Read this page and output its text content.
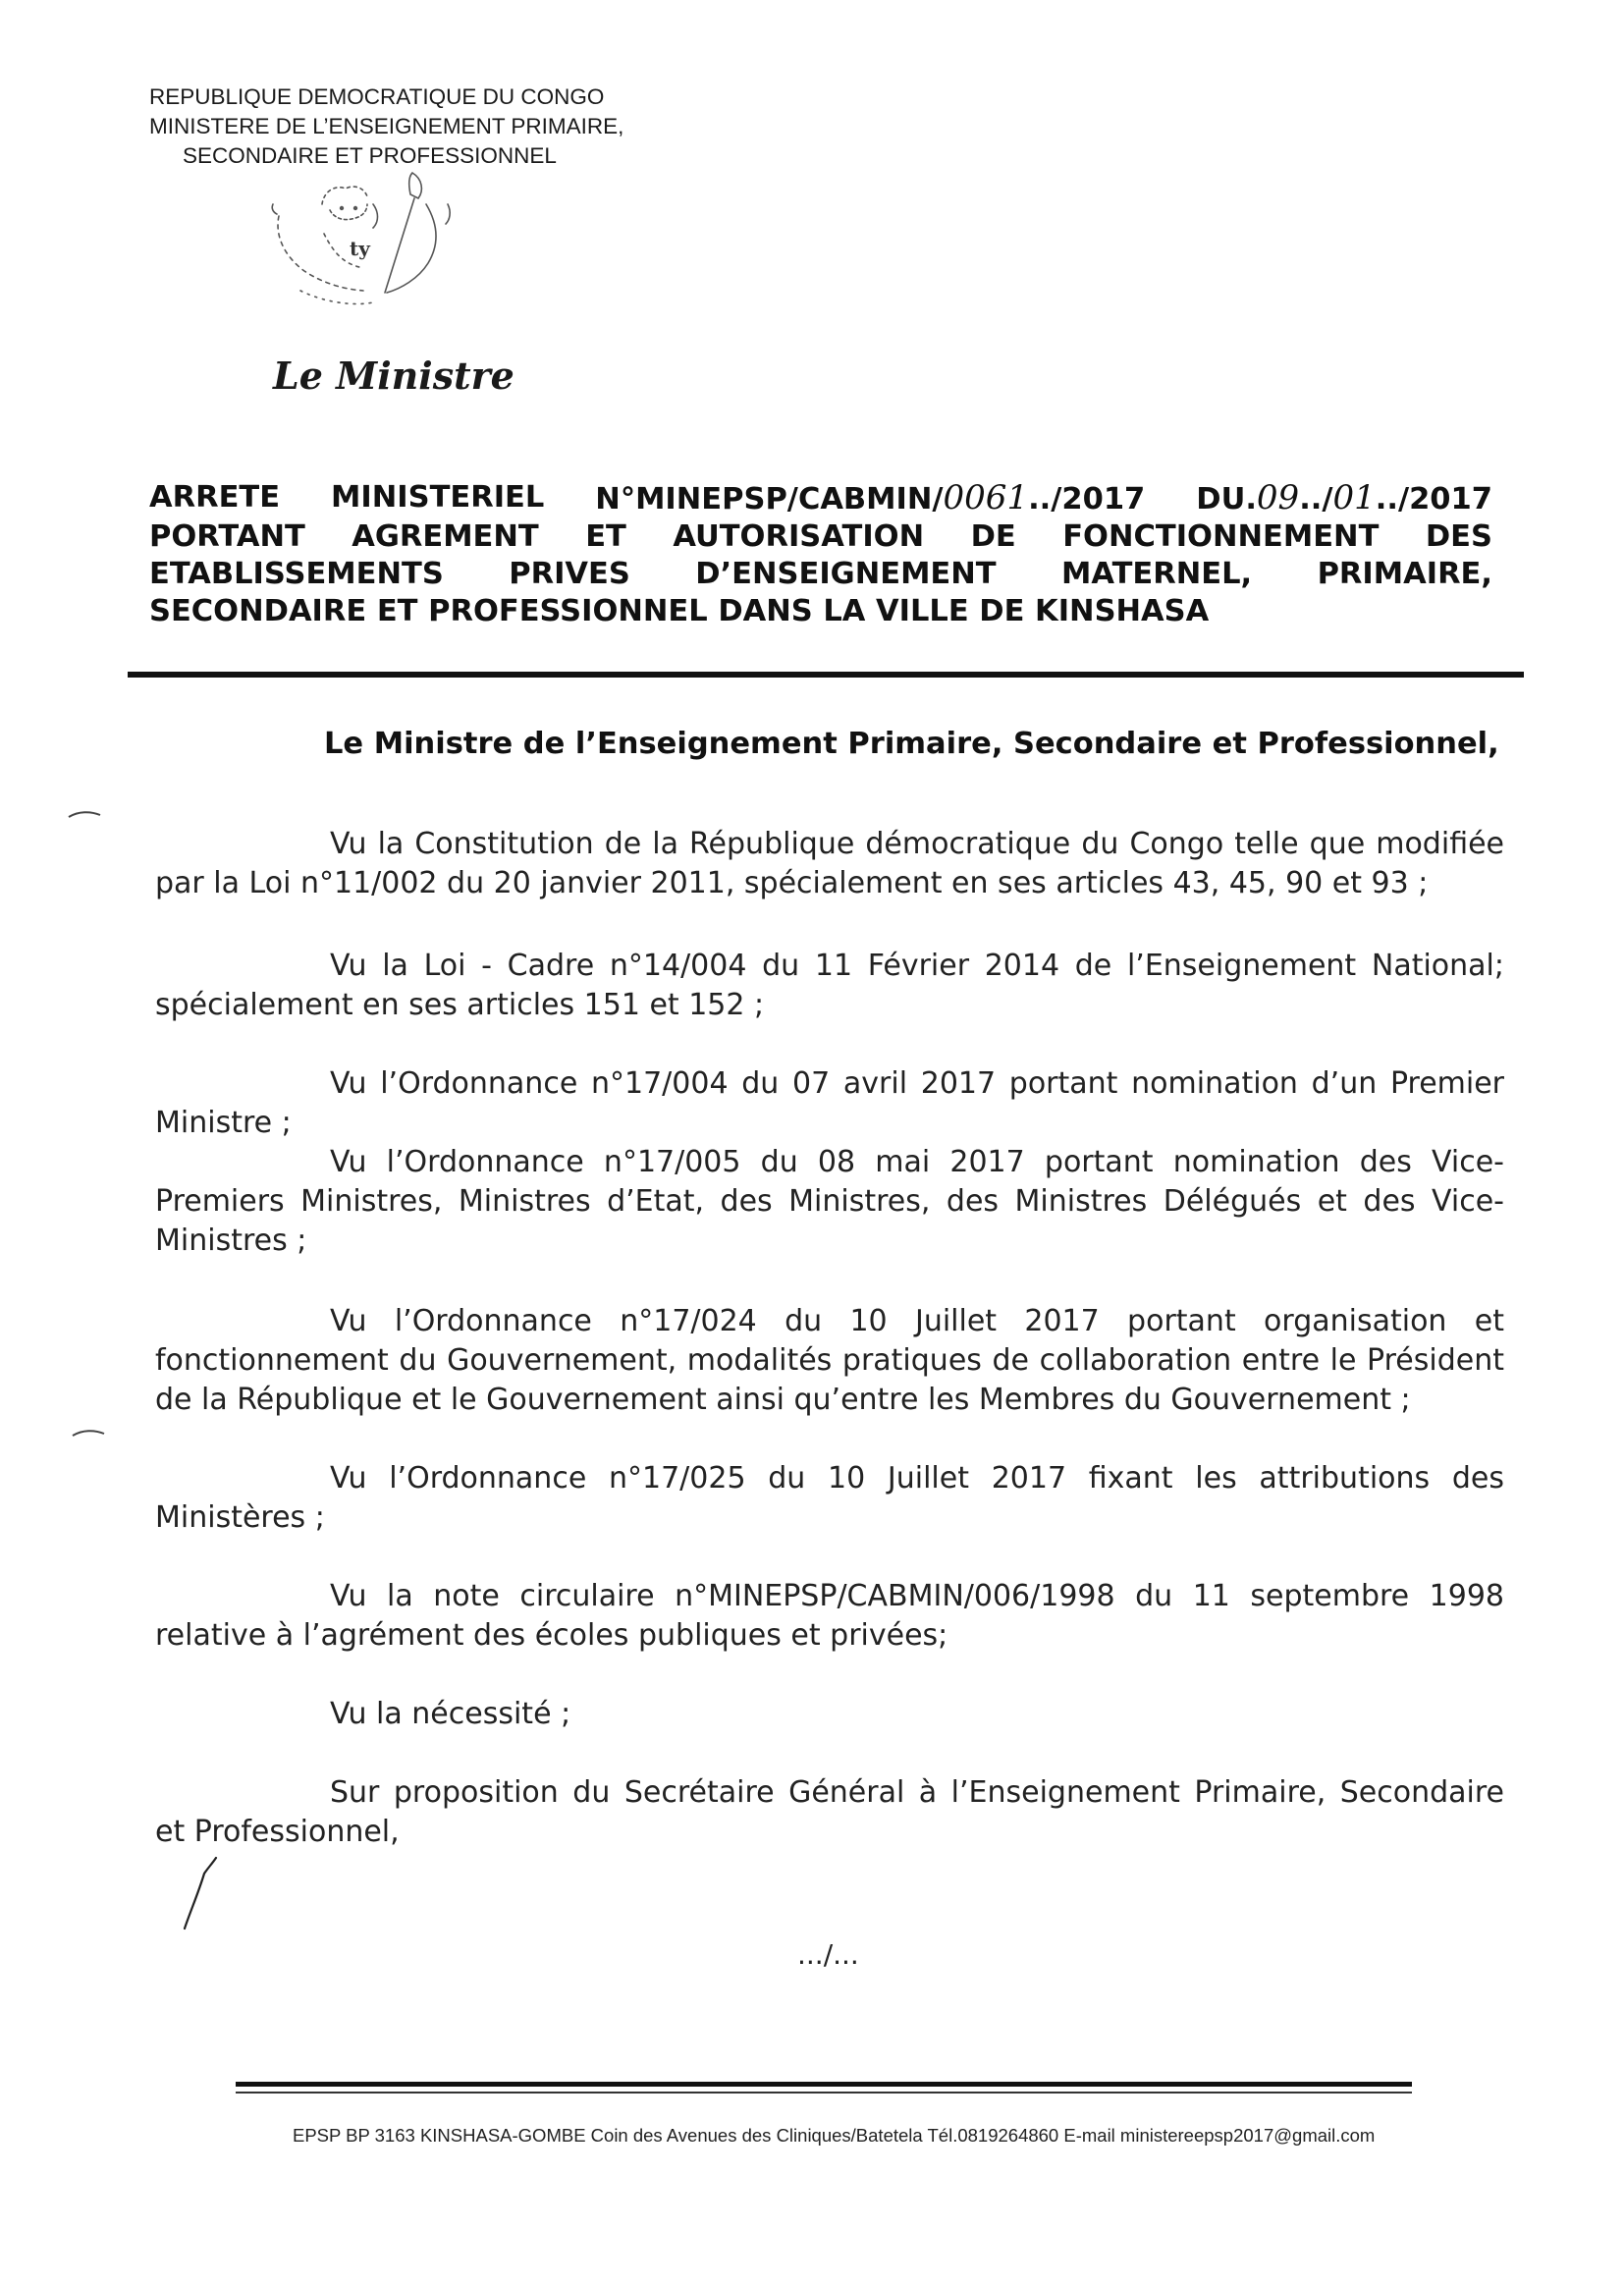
REPUBLIQUE DEMOCRATIQUE DU CONGO
MINISTERE DE L’ENSEIGNEMENT PRIMAIRE,
SECONDAIRE ET PROFESSIONNEL
ty
Le Ministre
ARRETE MINISTERIEL N°MINEPSP/CABMIN/0061../2017 DU.09../01../2017
PORTANT AGREMENT ET AUTORISATION DE FONCTIONNEMENT DES
ETABLISSEMENTS PRIVES D’ENSEIGNEMENT MATERNEL, PRIMAIRE,
SECONDAIRE ET PROFESSIONNEL DANS LA VILLE DE KINSHASA
Le Ministre de l’Enseignement Primaire, Secondaire et Professionnel,
Vu la Constitution de la République démocratique du Congo telle que modifiée par la Loi n°11/002 du 20 janvier 2011, spécialement en ses articles 43, 45, 90 et 93 ;
Vu la Loi - Cadre n°14/004 du 11 Février 2014 de l’Enseignement National; spécialement en ses articles 151 et 152 ;
Vu l’Ordonnance n°17/004 du 07 avril 2017 portant nomination d’un Premier Ministre ;
Vu l’Ordonnance n°17/005 du 08 mai 2017 portant nomination des Vice-Premiers Ministres, Ministres d’Etat, des Ministres, des Ministres Délégués et des Vice-Ministres ;
Vu l’Ordonnance n°17/024 du 10 Juillet 2017 portant organisation et fonctionnement du Gouvernement, modalités pratiques de collaboration entre le Président de la République et le Gouvernement ainsi qu’entre les Membres du Gouvernement ;
Vu l’Ordonnance n°17/025 du 10 Juillet 2017 fixant les attributions des Ministères ;
Vu la note circulaire n°MINEPSP/CABMIN/006/1998 du 11 septembre 1998 relative à l’agrément des écoles publiques et privées;
Vu la nécessité ;
Sur proposition du Secrétaire Général à l’Enseignement Primaire, Secondaire et Professionnel,
.../...
EPSP BP 3163 KINSHASA-GOMBE Coin des Avenues des Cliniques/Batetela Tél.0819264860 E-mail ministereepsp2017@gmail.com
